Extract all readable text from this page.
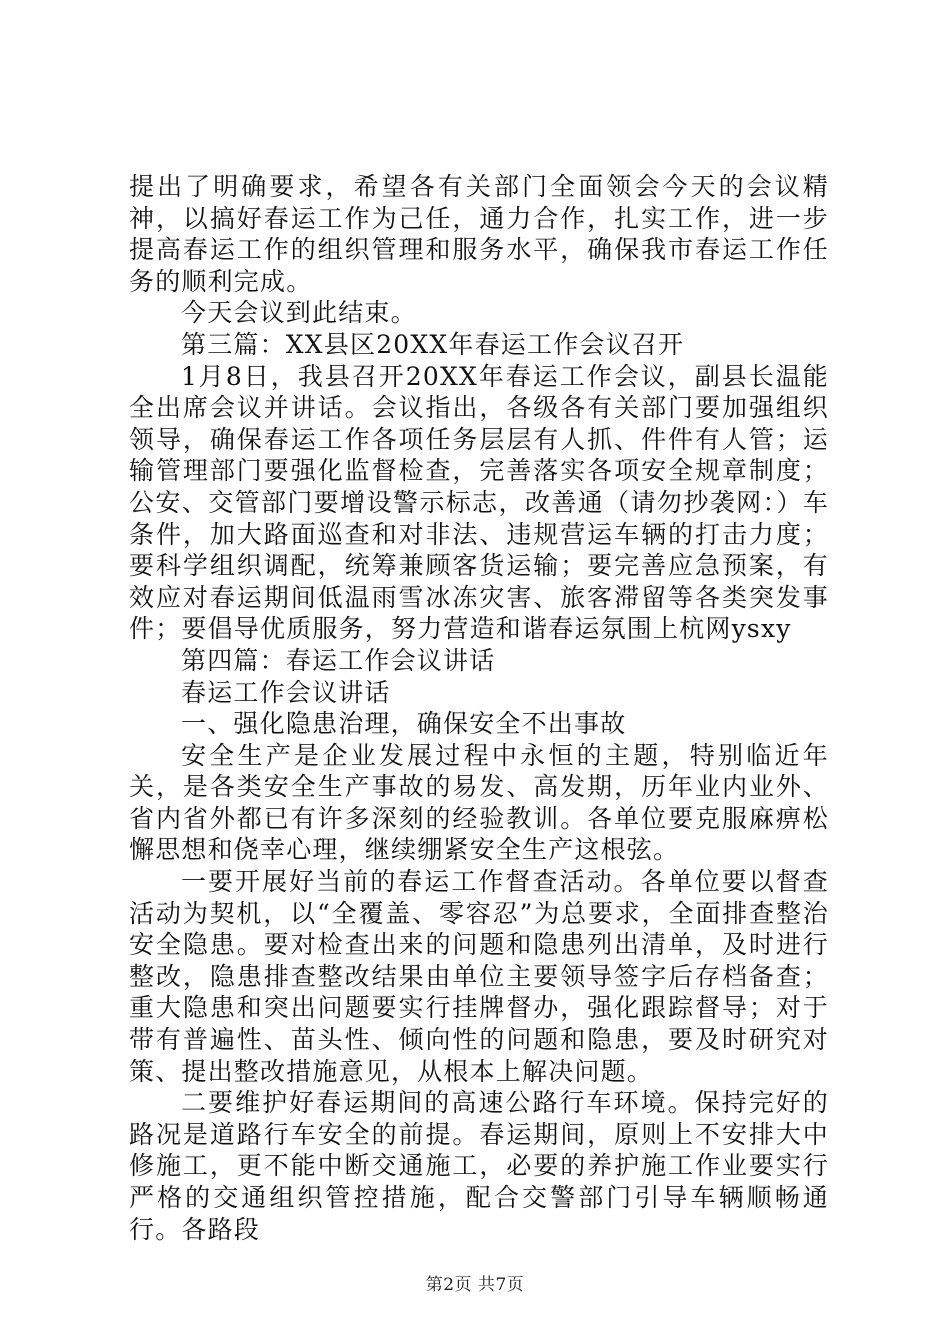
提出了明确要求，希望各有关部门全面领会今天的会议精神，以搞好春运工作为己任，通力合作，扎实工作，进一步提高春运工作的组织管理和服务水平，确保我市春运工作任务的顺利完成。

今天会议到此结束。

第三篇：XX县区20XX年春运工作会议召开

1月8日，我县召开20XX年春运工作会议，副县长温能全出席会议并讲话。会议指出，各级各有关部门要加强组织领导，确保春运工作各项任务层层有人抓、件件有人管；运输管理部门要强化监督检查，完善落实各项安全规章制度；公安、交管部门要增设警示标志，改善通（请勿抄袭网：）车条件，加大路面巡查和对非法、违规营运车辆的打击力度；要科学组织调配，统筹兼顾客货运输；要完善应急预案，有效应对春运期间低温雨雪冰冻灾害、旅客滞留等各类突发事件；要倡导优质服务，努力营造和谐春运氛围上杭网ysxy

第四篇：春运工作会议讲话

春运工作会议讲话

一、强化隐患治理，确保安全不出事故

安全生产是企业发展过程中永恒的主题，特别临近年关，是各类安全生产事故的易发、高发期，历年业内业外、省内省外都已有许多深刻的经验教训。各单位要克服麻痹松懈思想和侥幸心理，继续绷紧安全生产这根弦。

一要开展好当前的春运工作督查活动。各单位要以督查活动为契机，以“全覆盖、零容忍”为总要求，全面排查整治安全隐患。要对检查出来的问题和隐患列出清单，及时进行整改，隐患排查整改结果由单位主要领导签字后存档备查；重大隐患和突出问题要实行挂牌督办，强化跟踪督导；对于带有普遍性、苗头性、倾向性的问题和隐患，要及时研究对策、提出整改措施意见，从根本上解决问题。

二要维护好春运期间的高速公路行车环境。保持完好的路况是道路行车安全的前提。春运期间，原则上不安排大中修施工，更不能中断交通施工，必要的养护施工作业要实行严格的交通组织管控措施，配合交警部门引导车辆顺畅通行。各路段

第2页 共7页
